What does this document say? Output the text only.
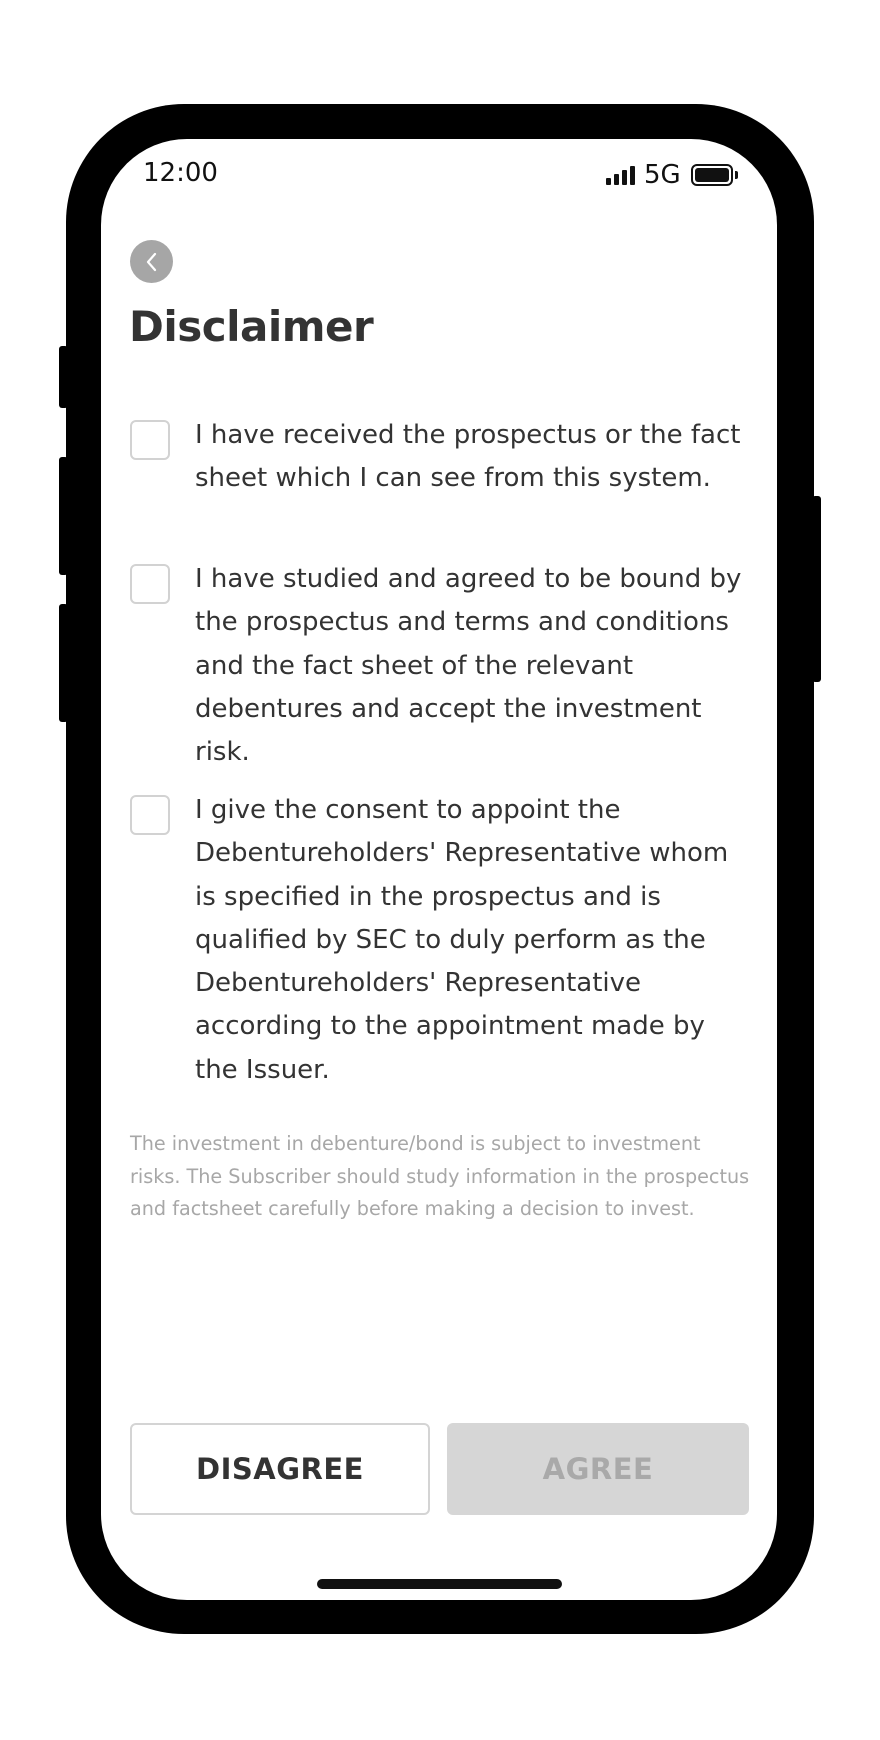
12:00	5G
Disclaimer
I have received the prospectus or the fact sheet which I can see from this system.
I have studied and agreed to be bound by the prospectus and terms and conditions and the fact sheet of the relevant debentures and accept the investment risk.
I give the consent to appoint the Debentureholders' Representative whom is specified in the prospectus and is qualified by SEC to duly perform as the Debentureholders' Representative according to the appointment made by the Issuer.
The investment in debenture/bond is subject to investment risks. The Subscriber should study information in the prospectus and factsheet carefully before making a decision to invest.
DISAGREE	AGREE
